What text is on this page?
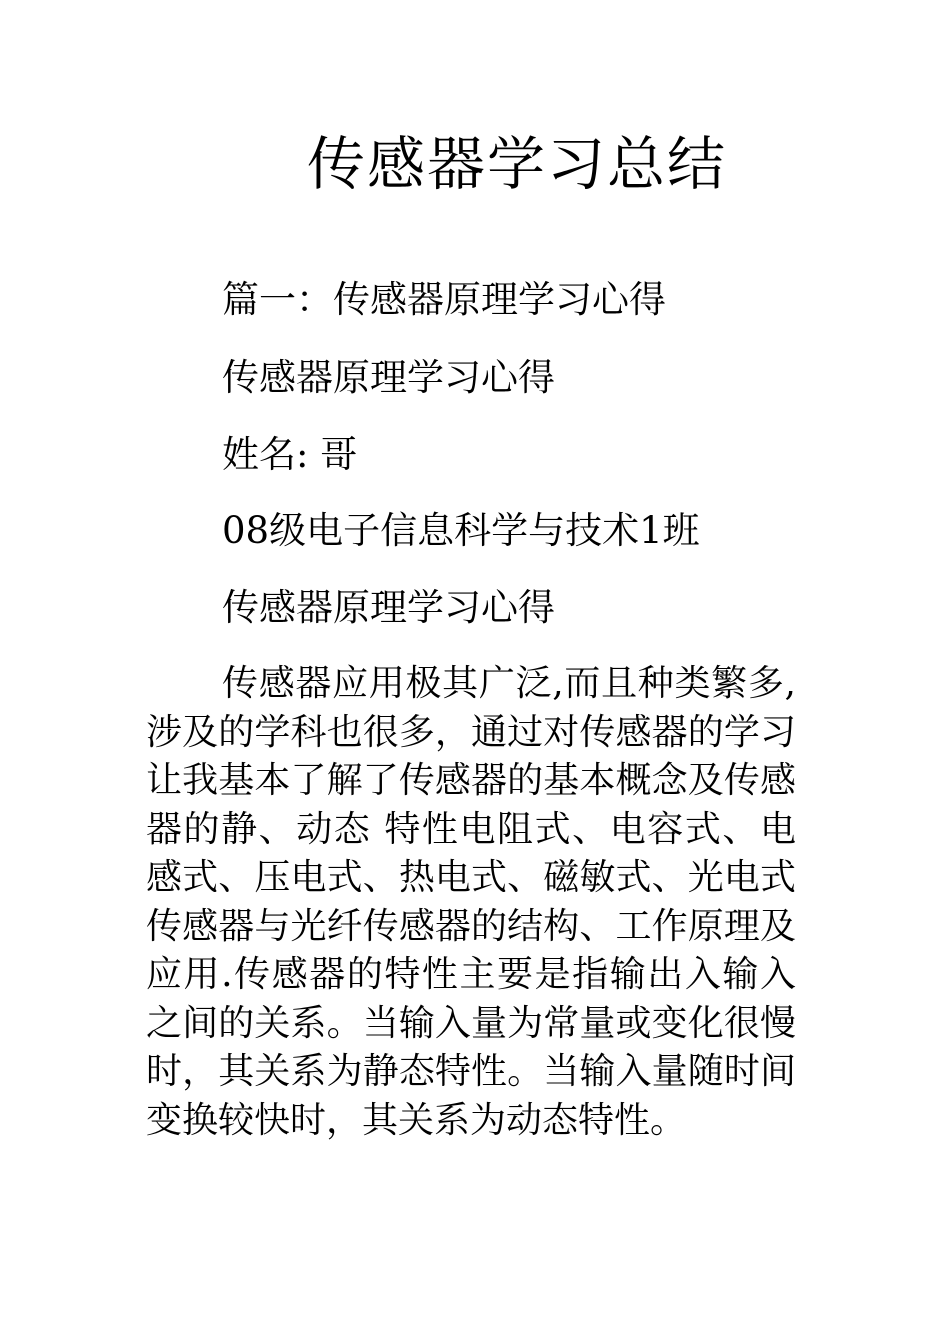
传感器学习总结

篇一：传感器原理学习心得

传感器原理学习心得

姓名: 哥

08级电子信息科学与技术1班

传感器原理学习心得

传感器应用极其广泛,而且种类繁多,涉及的学科也很多，通过对传感器的学习让我基本了解了传感器的基本概念及传感器的静、动态 特性电阻式、电容式、电感式、压电式、热电式、磁敏式、光电式传感器与光纤传感器的结构、工作原理及应用.传感器的特性主要是指输出入输入之间的关系。当输入量为常量或变化很慢时，其关系为静态特性。当输入量随时间变换较快时，其关系为动态特性。
